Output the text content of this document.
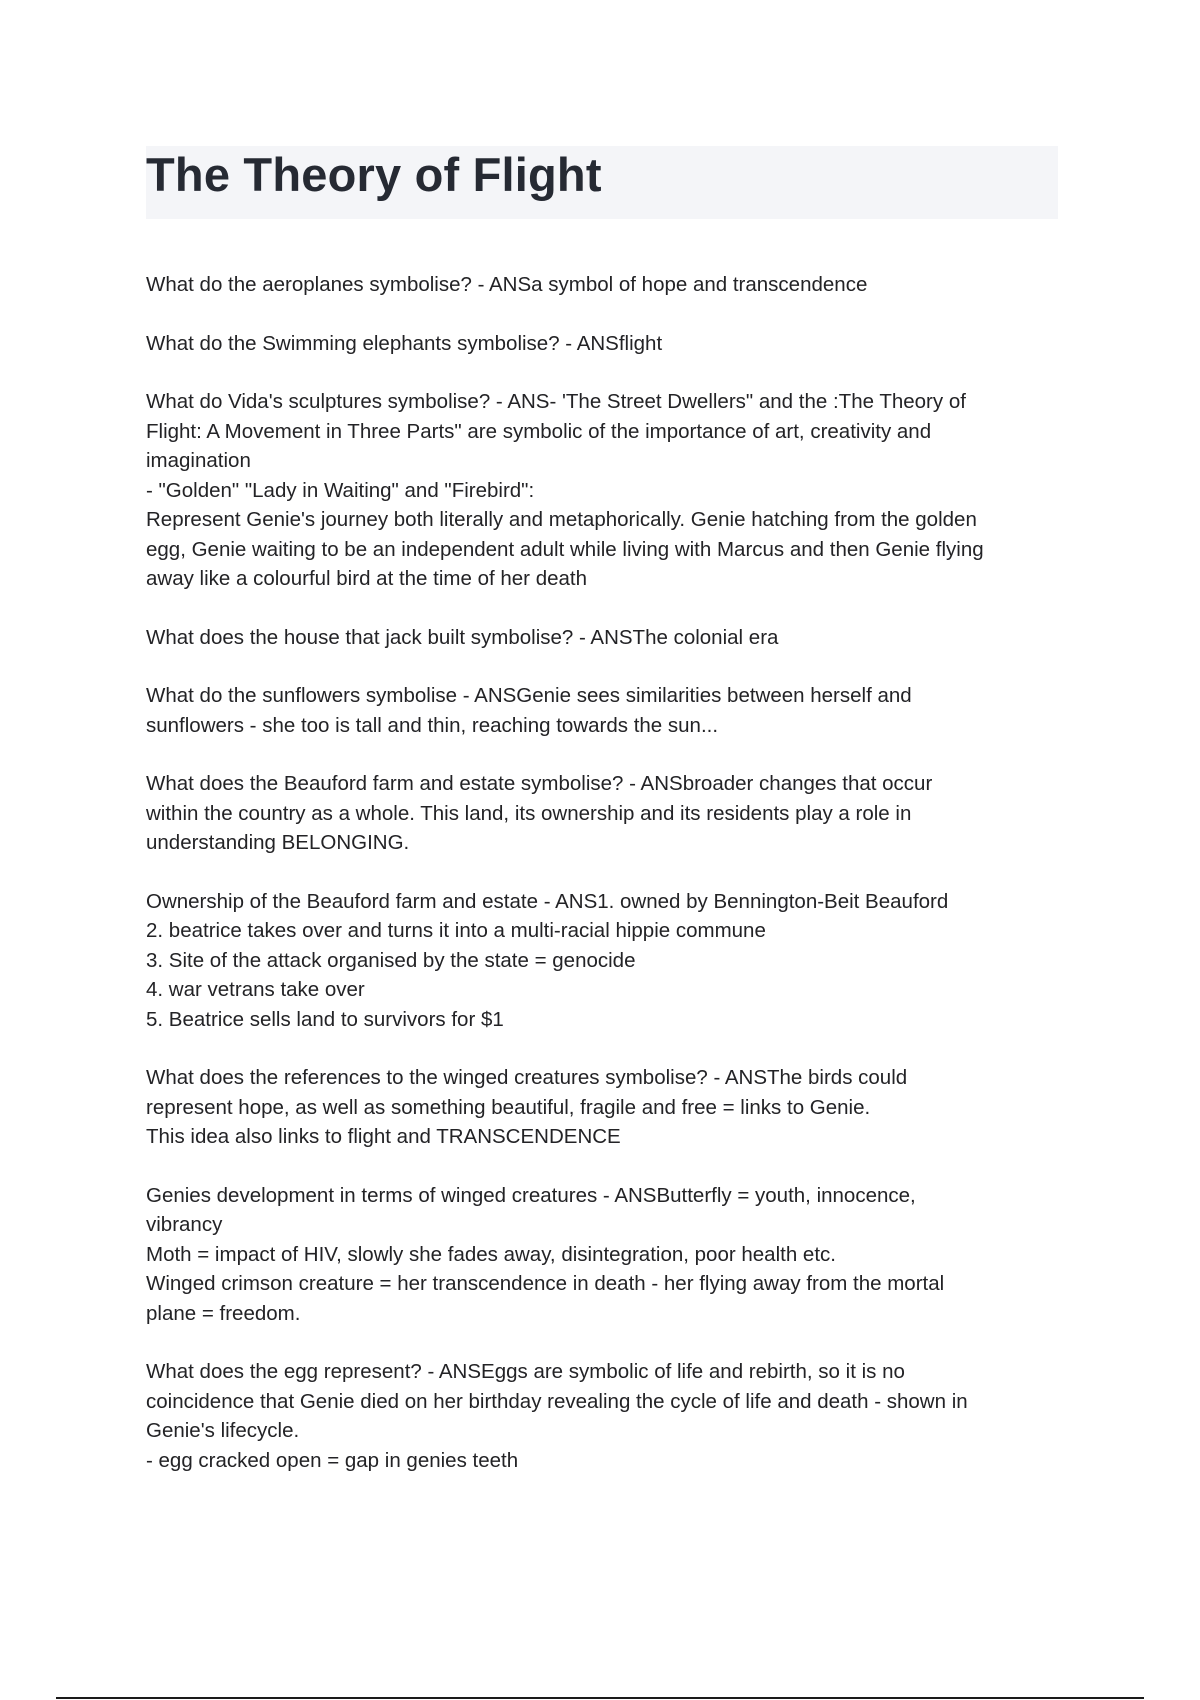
The Theory of Flight
What do the aeroplanes symbolise? - ANSa symbol of hope and transcendence
What do the Swimming elephants symbolise? - ANSflight
What do Vida's sculptures symbolise? - ANS- 'The Street Dwellers" and the :The Theory of
Flight: A Movement in Three Parts" are symbolic of the importance of art, creativity and
imagination
- "Golden" "Lady in Waiting" and "Firebird":
Represent Genie's journey both literally and metaphorically. Genie hatching from the golden
egg, Genie waiting to be an independent adult while living with Marcus and then Genie flying
away like a colourful bird at the time of her death
What does the house that jack built symbolise? - ANSThe colonial era
What do the sunflowers symbolise - ANSGenie sees similarities between herself and
sunflowers - she too is tall and thin, reaching towards the sun...
What does the Beauford farm and estate symbolise? - ANSbroader changes that occur
within the country as a whole. This land, its ownership and its residents play a role in
understanding BELONGING.
Ownership of the Beauford farm and estate - ANS1. owned by Bennington-Beit Beauford
2. beatrice takes over and turns it into a multi-racial hippie commune
3. Site of the attack organised by the state = genocide
4. war vetrans take over
5. Beatrice sells land to survivors for $1
What does the references to the winged creatures symbolise? - ANSThe birds could
represent hope, as well as something beautiful, fragile and free = links to Genie.
This idea also links to flight and TRANSCENDENCE
Genies development in terms of winged creatures - ANSButterfly = youth, innocence,
vibrancy
Moth = impact of HIV, slowly she fades away, disintegration, poor health etc.
Winged crimson creature = her transcendence in death - her flying away from the mortal
plane = freedom.
What does the egg represent? - ANSEggs are symbolic of life and rebirth, so it is no
coincidence that Genie died on her birthday revealing the cycle of life and death - shown in
Genie's lifecycle.
- egg cracked open = gap in genies teeth
